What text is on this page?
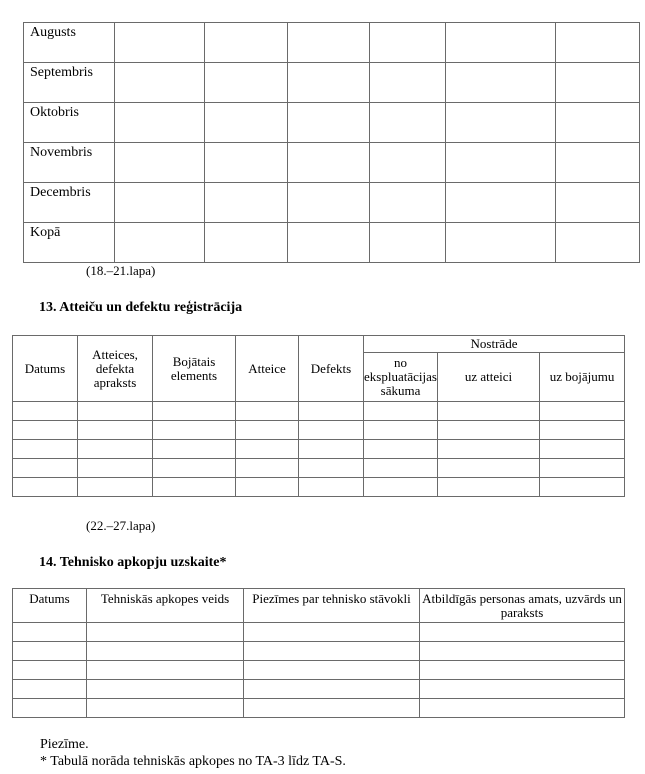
Augusts						
Septembris						
Oktobris						
Novembris						
Decembris						
Kopā						
(18.–21.lapa)
13. Atteiču un defektu reģistrācija
Datums	Atteices, defekta apraksts	Bojātais elements	Atteice	Defekts	Nostrāde		
					no ekspluatācijas sākuma	uz atteici	uz bojājumu

(22.–27.lapa)
14. Tehnisko apkopju uzskaite*
Datums	Tehniskās apkopes veids	Piezīmes par tehnisko stāvokli	Atbildīgās personas amats, uzvārds un paraksts

Piezīme.
* Tabulā norāda tehniskās apkopes no TA-3 līdz TA-S.
